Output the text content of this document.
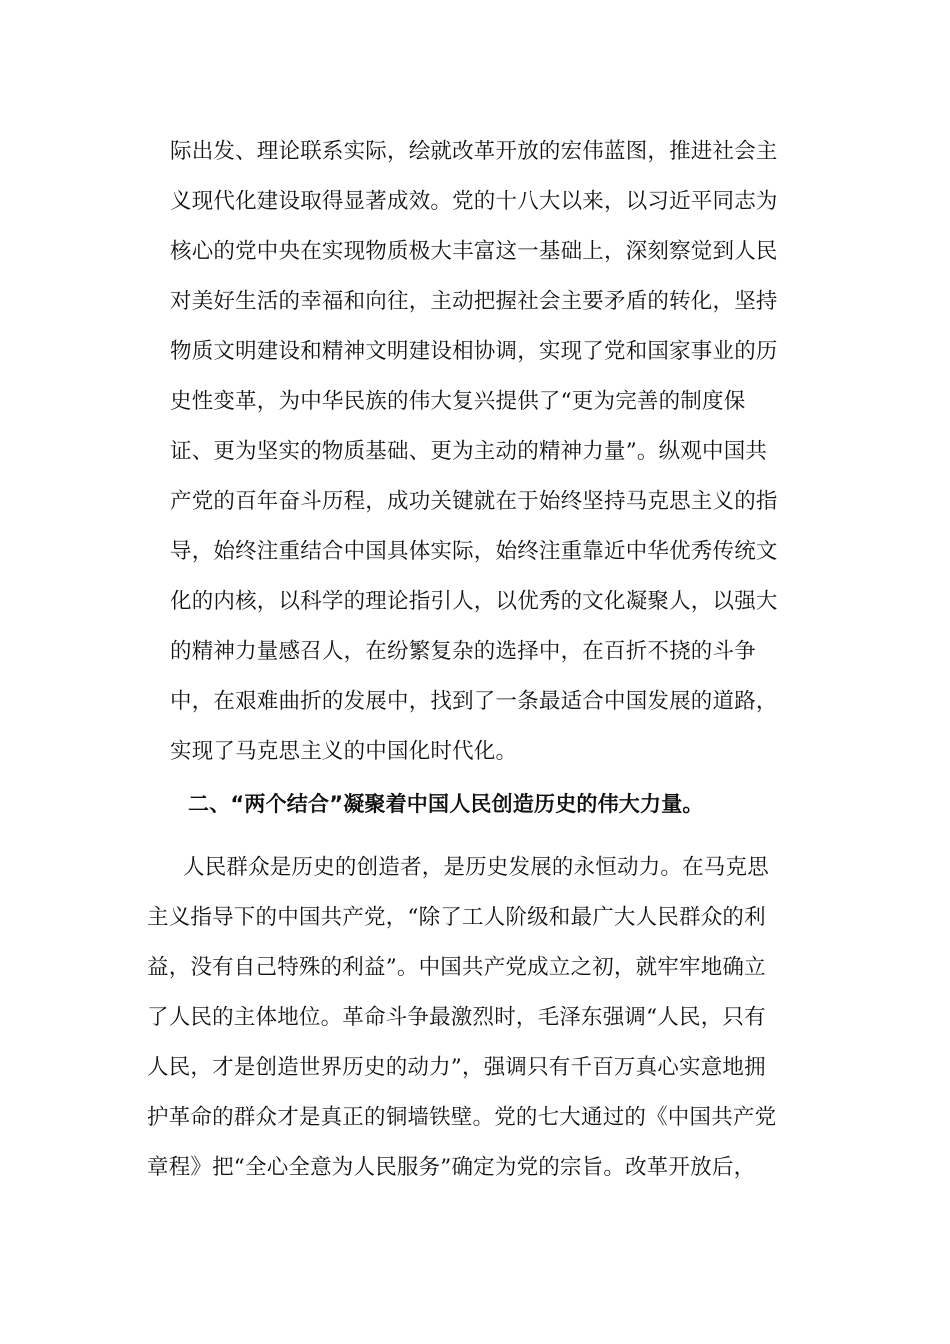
际出发、理论联系实际，绘就改革开放的宏伟蓝图，推进社会主
义现代化建设取得显著成效。党的十八大以来，以习近平同志为
核心的党中央在实现物质极大丰富这一基础上，深刻察觉到人民
对美好生活的幸福和向往，主动把握社会主要矛盾的转化，坚持
物质文明建设和精神文明建设相协调，实现了党和国家事业的历
史性变革，为中华民族的伟大复兴提供了“更为完善的制度保
证、更为坚实的物质基础、更为主动的精神力量”。纵观中国共
产党的百年奋斗历程，成功关键就在于始终坚持马克思主义的指
导，始终注重结合中国具体实际，始终注重靠近中华优秀传统文
化的内核，以科学的理论指引人，以优秀的文化凝聚人，以强大
的精神力量感召人，在纷繁复杂的选择中，在百折不挠的斗争
中，在艰难曲折的发展中，找到了一条最适合中国发展的道路，
实现了马克思主义的中国化时代化。
二、“两个结合”凝聚着中国人民创造历史的伟大力量。
人民群众是历史的创造者，是历史发展的永恒动力。在马克思
主义指导下的中国共产党，“除了工人阶级和最广大人民群众的利
益，没有自己特殊的利益”。中国共产党成立之初，就牢牢地确立
了人民的主体地位。革命斗争最激烈时，毛泽东强调“人民，只有
人民，才是创造世界历史的动力”，强调只有千百万真心实意地拥
护革命的群众才是真正的铜墙铁壁。党的七大通过的《中国共产党
章程》把“全心全意为人民服务”确定为党的宗旨。改革开放后，
